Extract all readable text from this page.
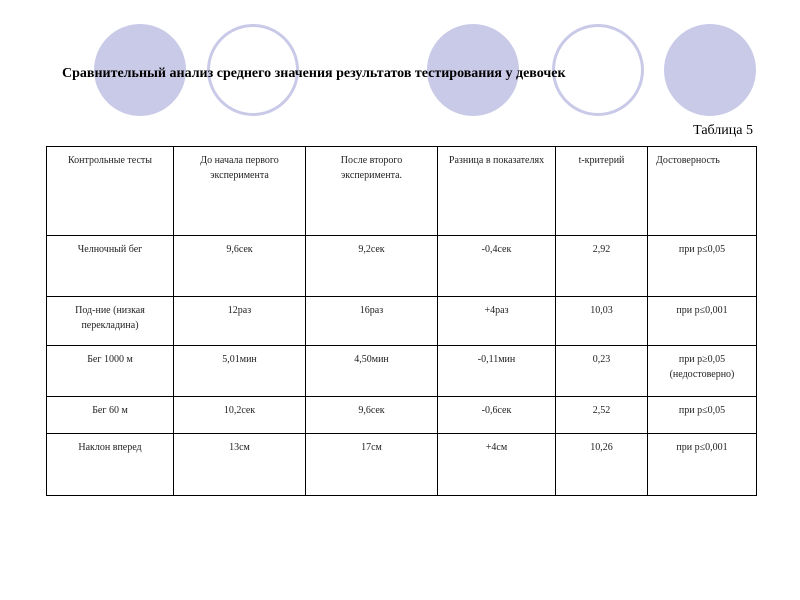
Сравнительный анализ среднего значения результатов тестирования у девочек
Таблица 5
Контрольные тесты	До начала первого эксперимента	После второго эксперимента.	Разница в показателях	t-критерий	Достоверность
Челночный бег	9,6сек	9,2сек	-0,4сек	2,92	при p≤0,05
Под-ние (низкая перекладина)	12раз	16раз	+4раз	10,03	при p≤0,001
Бег 1000 м	5,01мин	4,50мин	-0,11мин	0,23	при p≥0,05 (недостоверно)
Бег 60 м	10,2сек	9,6сек	-0,6сек	2,52	при p≤0,05
Наклон вперед	13см	17см	+4см	10,26	при p≤0,001
